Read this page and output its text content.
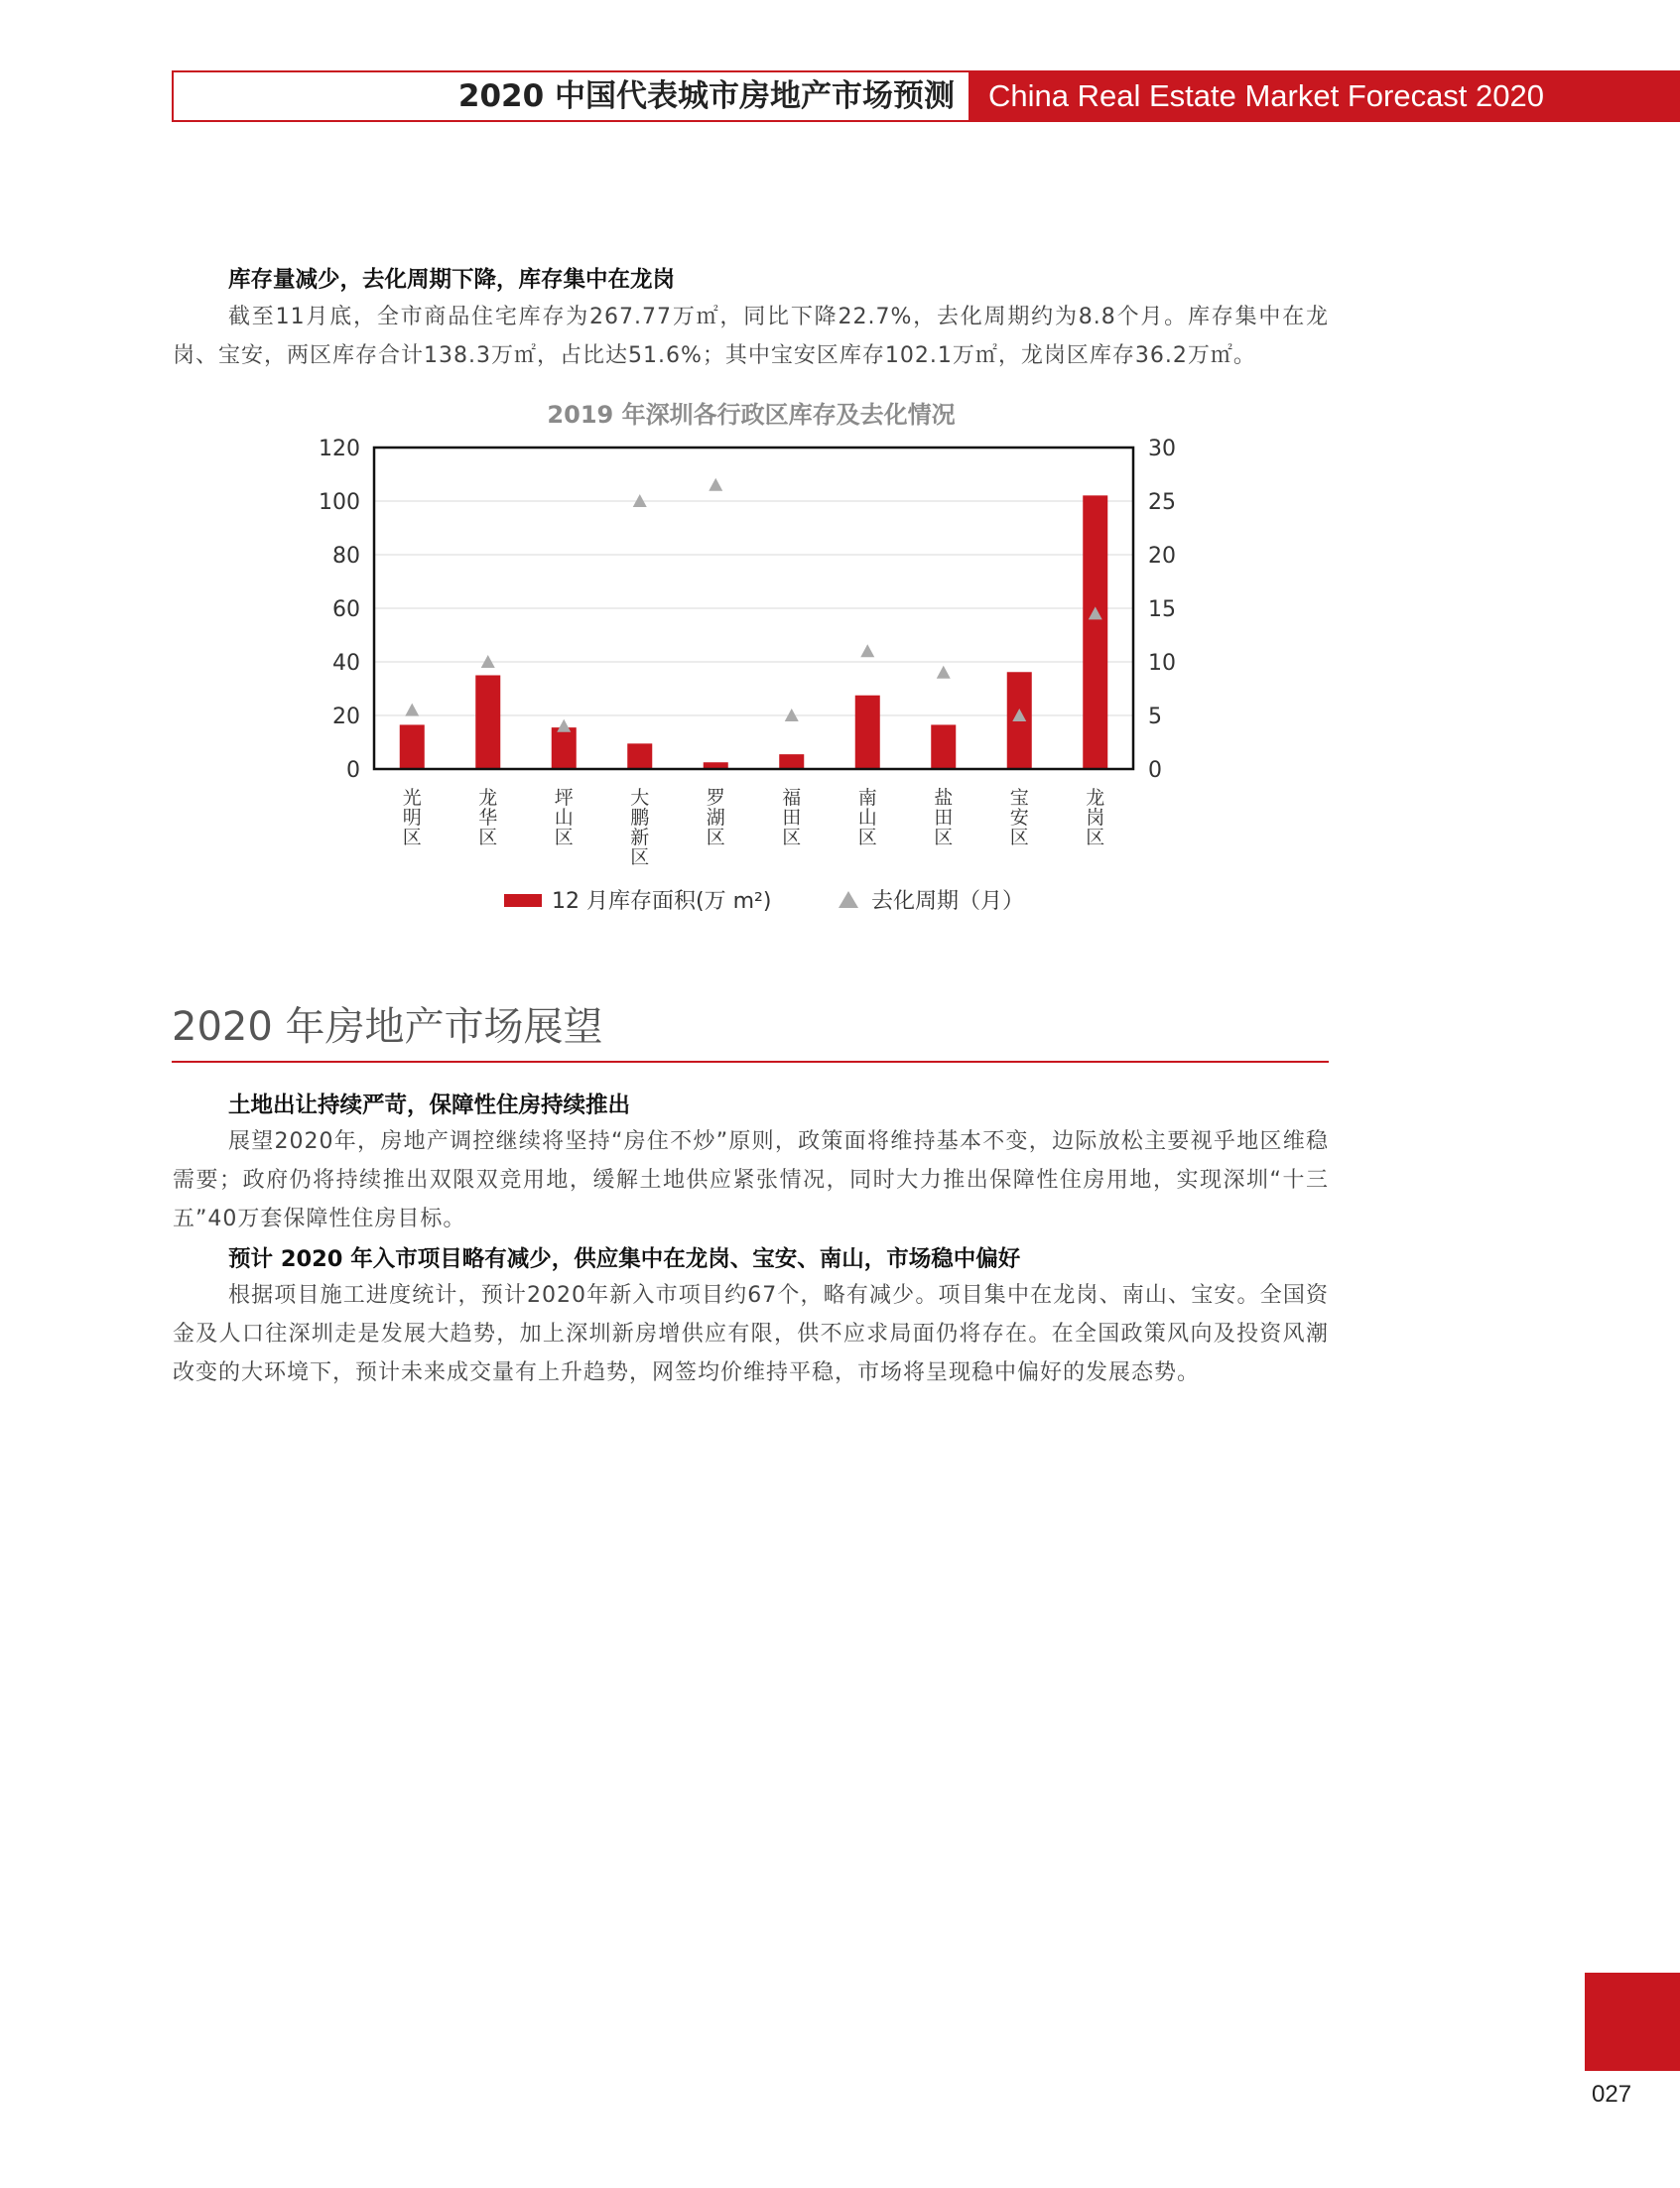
2020 中国代表城市房地产市场预测	China Real Estate Market Forecast 2020
库存量减少，去化周期下降，库存集中在龙岗

截至11月底，全市商品住宅库存为267.77万㎡，同比下降22.7%，去化周期约为8.8个月。库存集中在龙岗、宝安，两区库存合计138.3万㎡，占比达51.6%；其中宝安区库存102.1万㎡，龙岗区库存36.2万㎡。

2019 年深圳各行政区库存及去化情况
120
100
80
60
40
20
0
30
25
20
15
10
5
0
光明区
龙华区
坪山区
大鹏新区
罗湖区
福田区
南山区
盐田区
宝安区
龙岗区
12 月库存面积(万 m²)	去化周期（月）
2020 年房地产市场展望
土地出让持续严苛，保障性住房持续推出

展望2020年，房地产调控继续将坚持“房住不炒”原则，政策面将维持基本不变，边际放松主要视乎地区维稳需要；政府仍将持续推出双限双竞用地，缓解土地供应紧张情况，同时大力推出保障性住房用地，实现深圳“十三五”40万套保障性住房目标。

预计 2020 年入市项目略有减少，供应集中在龙岗、宝安、南山，市场稳中偏好

根据项目施工进度统计，预计2020年新入市项目约67个，略有减少。项目集中在龙岗、南山、宝安。全国资金及人口往深圳走是发展大趋势，加上深圳新房增供应有限，供不应求局面仍将存在。在全国政策风向及投资风潮改变的大环境下，预计未来成交量有上升趋势，网签均价维持平稳，市场将呈现稳中偏好的发展态势。

027
